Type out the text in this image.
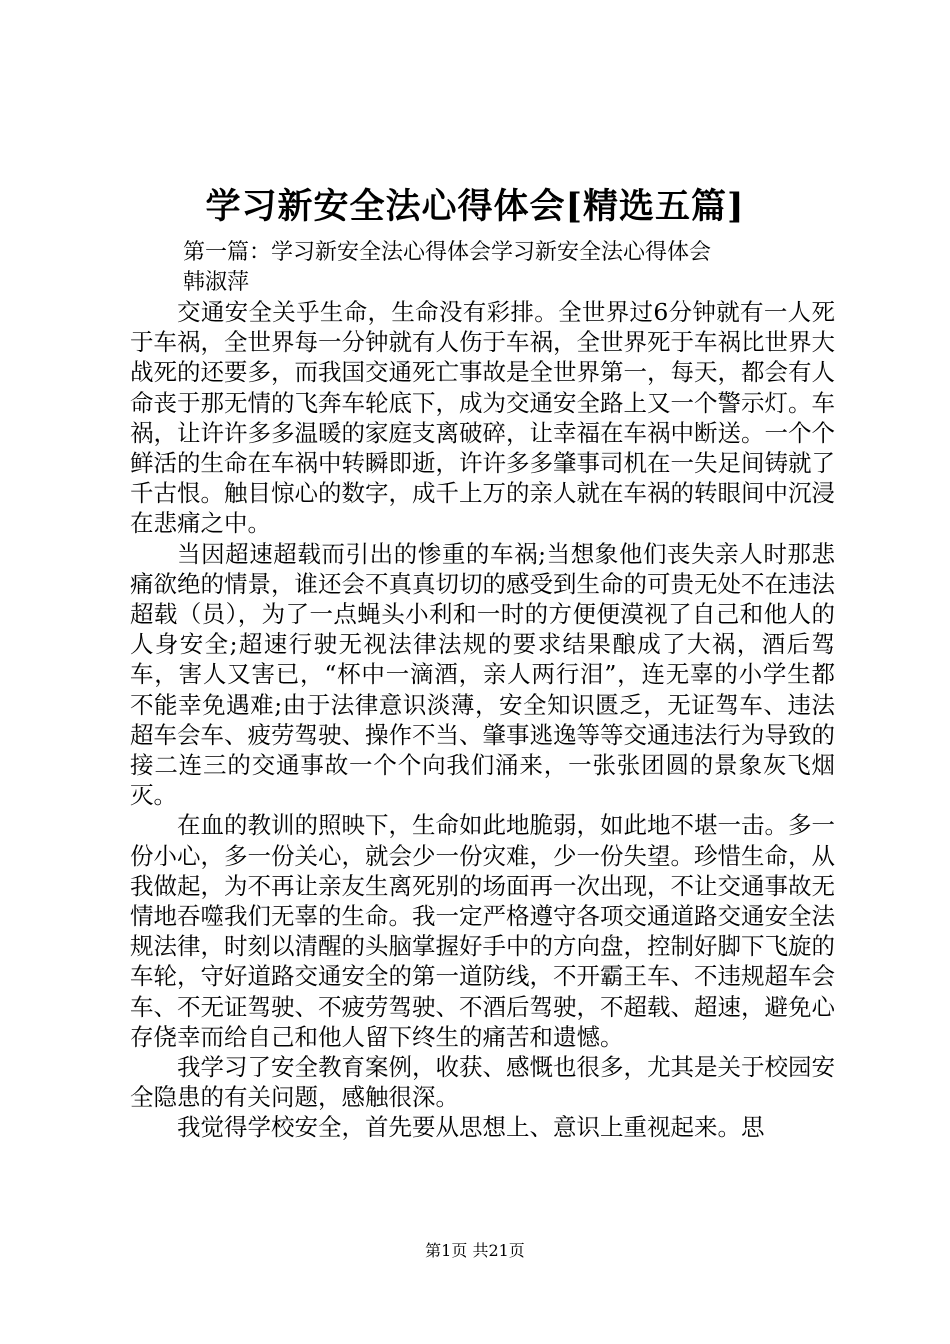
学习新安全法心得体会[精选五篇]
第一篇：学习新安全法心得体会学习新安全法心得体会
韩淑萍

交通安全关乎生命，生命没有彩排。全世界过6分钟就有一人死于车祸，全世界每一分钟就有人伤于车祸，全世界死于车祸比世界大战死的还要多，而我国交通死亡事故是全世界第一，每天，都会有人命丧于那无情的飞奔车轮底下，成为交通安全路上又一个警示灯。车祸，让许许多多温暖的家庭支离破碎，让幸福在车祸中断送。一个个鲜活的生命在车祸中转瞬即逝，许许多多肇事司机在一失足间铸就了千古恨。触目惊心的数字，成千上万的亲人就在车祸的转眼间中沉浸在悲痛之中。

当因超速超载而引出的惨重的车祸;当想象他们丧失亲人时那悲痛欲绝的情景，谁还会不真真切切的感受到生命的可贵无处不在违法超载（员），为了一点蝇头小利和一时的方便便漠视了自己和他人的人身安全;超速行驶无视法律法规的要求结果酿成了大祸，酒后驾车，害人又害已，“杯中一滴酒，亲人两行泪”，连无辜的小学生都不能幸免遇难;由于法律意识淡薄，安全知识匮乏，无证驾车、违法超车会车、疲劳驾驶、操作不当、肇事逃逸等等交通违法行为导致的接二连三的交通事故一个个向我们涌来，一张张团圆的景象灰飞烟灭。

在血的教训的照映下，生命如此地脆弱，如此地不堪一击。多一份小心，多一份关心，就会少一份灾难，少一份失望。珍惜生命，从我做起，为不再让亲友生离死别的场面再一次出现，不让交通事故无情地吞噬我们无辜的生命。我一定严格遵守各项交通道路交通安全法规法律，时刻以清醒的头脑掌握好手中的方向盘，控制好脚下飞旋的车轮，守好道路交通安全的第一道防线，不开霸王车、不违规超车会车、不无证驾驶、不疲劳驾驶、不酒后驾驶，不超载、超速，避免心存侥幸而给自己和他人留下终生的痛苦和遗憾。

我学习了安全教育案例，收获、感慨也很多，尤其是关于校园安全隐患的有关问题，感触很深。

我觉得学校安全，首先要从思想上、意识上重视起来。思

第1页 共21页
